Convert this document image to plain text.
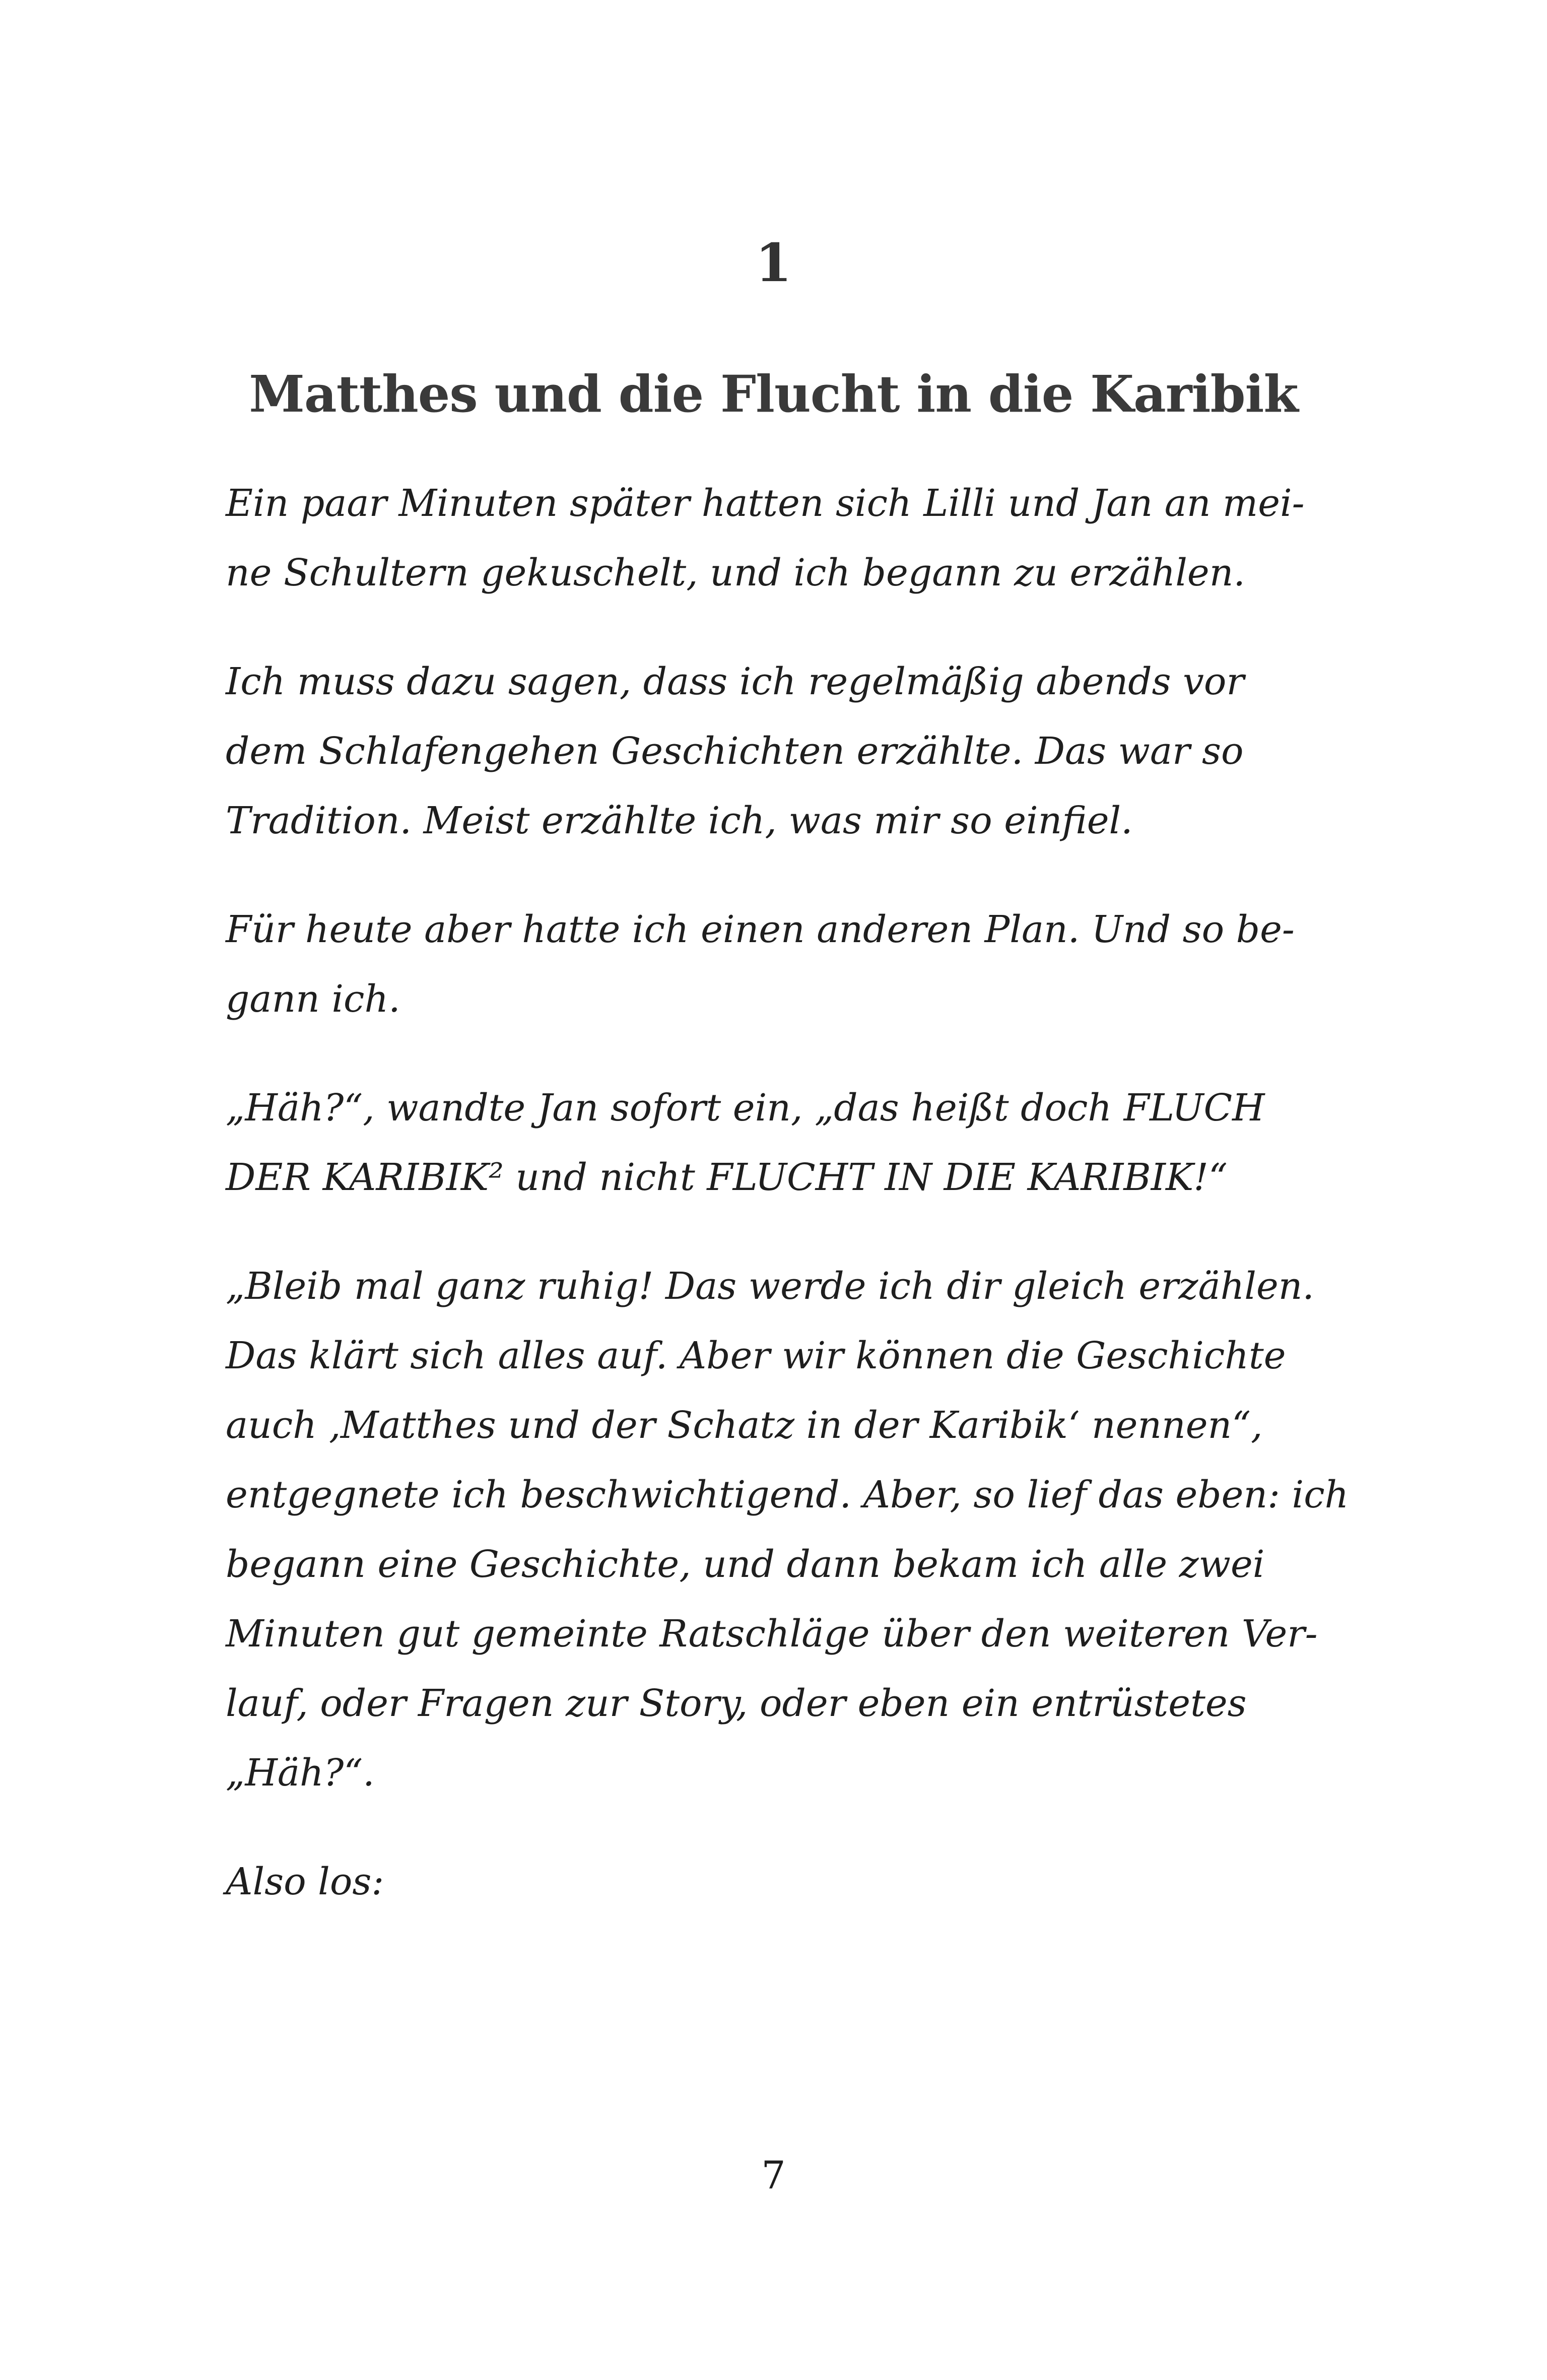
1
Matthes und die Flucht in die Karibik

Ein paar Minuten später hatten sich Lilli und Jan an mei-
ne Schultern gekuschelt, und ich begann zu erzählen.

Ich muss dazu sagen, dass ich regelmäßig abends vor
dem Schlafengehen Geschichten erzählte. Das war so
Tradition. Meist erzählte ich, was mir so einfiel.

Für heute aber hatte ich einen anderen Plan. Und so be-
gann ich.

„Häh?“, wandte Jan sofort ein, „das heißt doch FLUCH
DER KARIBIK² und nicht FLUCHT IN DIE KARIBIK!“

„Bleib mal ganz ruhig! Das werde ich dir gleich erzählen.
Das klärt sich alles auf. Aber wir können die Geschichte
auch ‚Matthes und der Schatz in der Karibik‘ nennen“,
entgegnete ich beschwichtigend. Aber, so lief das eben: ich
begann eine Geschichte, und dann bekam ich alle zwei
Minuten gut gemeinte Ratschläge über den weiteren Ver-
lauf, oder Fragen zur Story, oder eben ein entrüstetes
„Häh?“.

Also los:

7
